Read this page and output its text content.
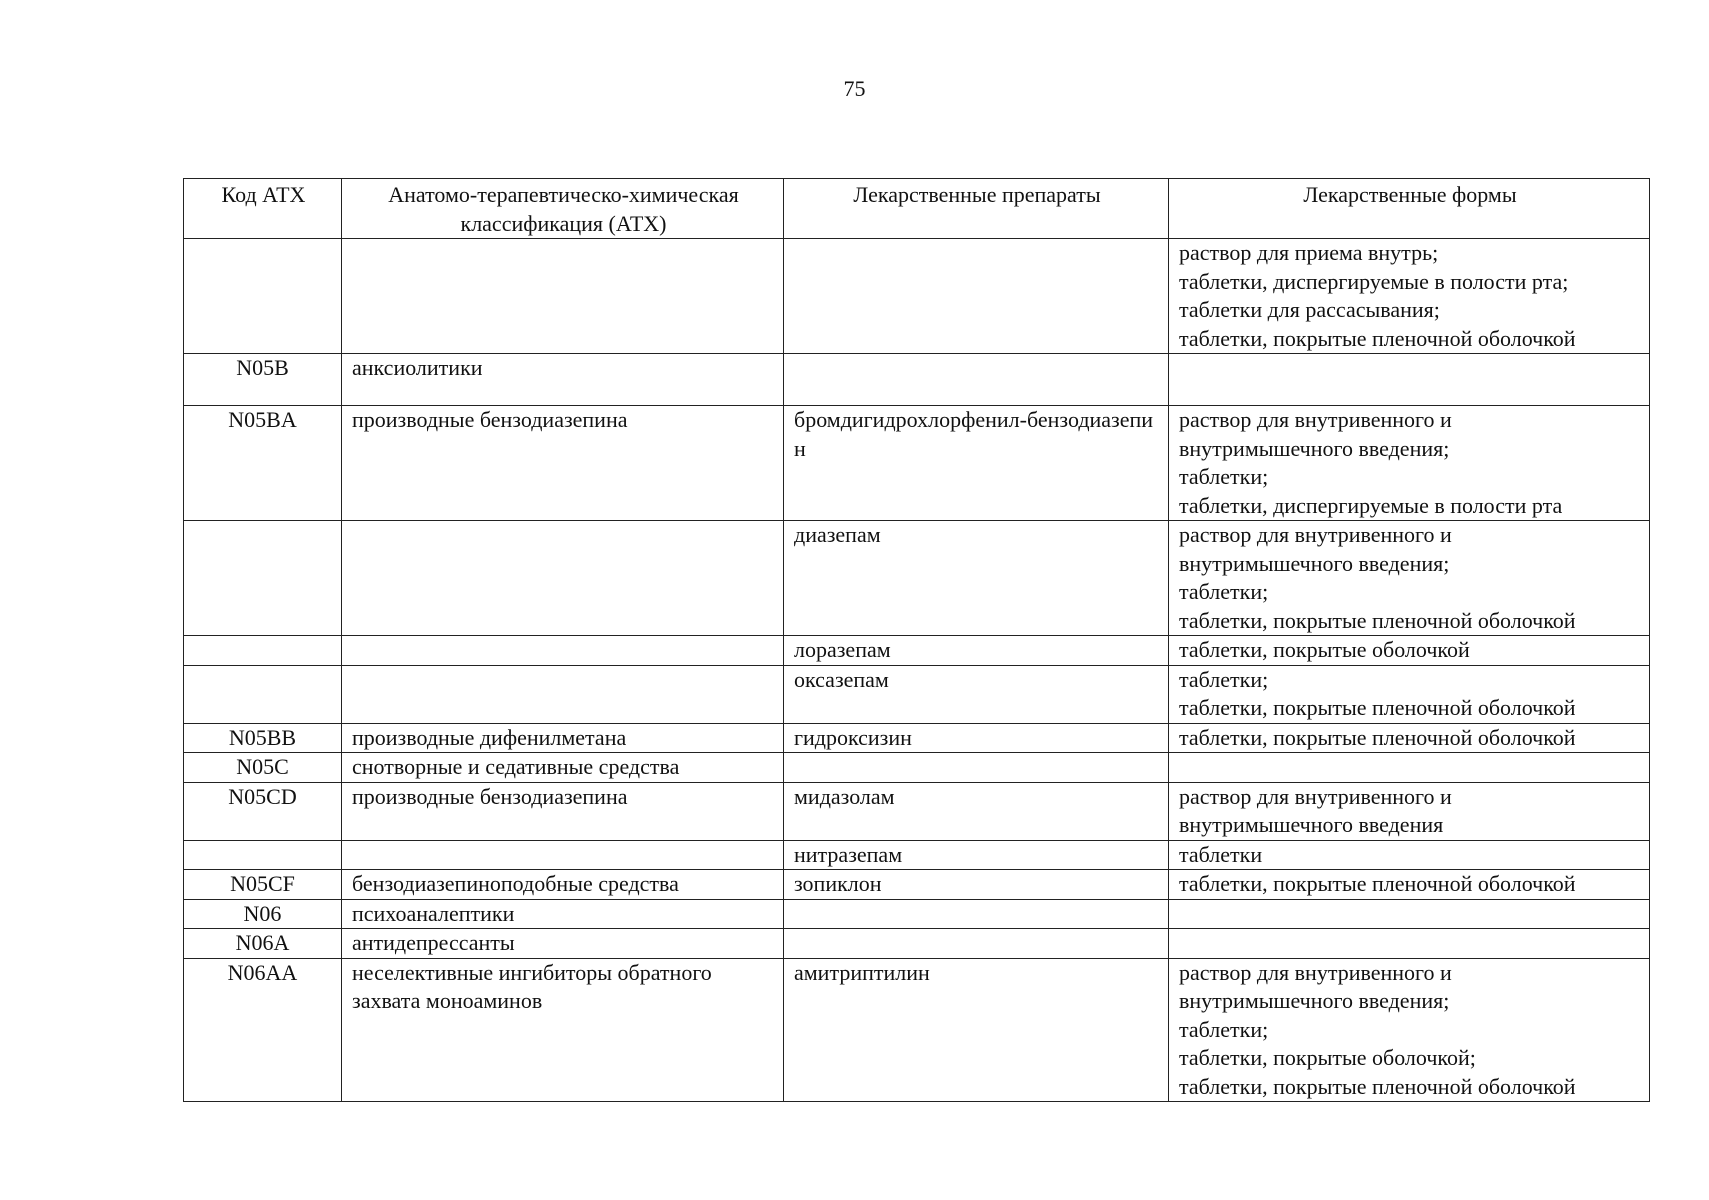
75
Код АТХ	Анатомо-терапевтическо-химическая классификация (АТХ)	Лекарственные препараты	Лекарственные формы

			раствор для приема внутрь;
таблетки, диспергируемые в полости рта;
таблетки для рассасывания;
таблетки, покрытые пленочной оболочкой

N05B	анксиолитики		
N05BA	производные бензодиазепина	бромдигидрохлорфенил-бензодиазепин	раствор для внутривенного и
внутримышечного введения;
таблетки;
таблетки, диспергируемые в полости рта

		диазепам	раствор для внутривенного и
внутримышечного введения;
таблетки;
таблетки, покрытые пленочной оболочкой

		лоразепам	таблетки, покрытые оболочкой

		оксазепам	таблетки;
таблетки, покрытые пленочной оболочкой

N05BB	производные дифенилметана	гидроксизин	таблетки, покрытые пленочной оболочкой

N05C	снотворные и седативные средства		
N05CD	производные бензодиазепина	мидазолам	раствор для внутривенного и
внутримышечного введения

		нитразепам	таблетки

N05CF	бензодиазепиноподобные средства	зопиклон	таблетки, покрытые пленочной оболочкой

N06	психоаналептики		
N06A	антидепрессанты		
N06AA	неселективные ингибиторы обратного захвата моноаминов	амитриптилин	раствор для внутривенного и
внутримышечного введения;
таблетки;
таблетки, покрытые оболочкой;
таблетки, покрытые пленочной оболочкой
